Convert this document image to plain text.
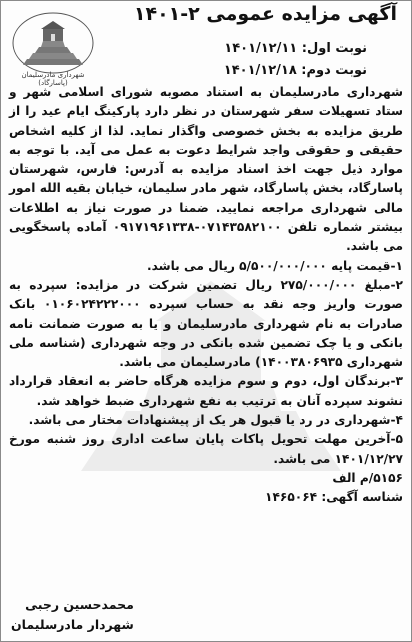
شهرداری مادرسلیمان (پاسارگاد)
آگهی مزایده عمومی ۲-۱۴۰۱
نوبت اول: ۱۴۰۱/۱۲/۱۱
نوبت دوم: ۱۴۰۱/۱۲/۱۸

شهرداری مادرسلیمان به استناد مصوبه شورای اسلامی شهر و ستاد تسهیلات سفر شهرستان در نظر دارد پارکینگ ایام عید را از طریق مزایده به بخش خصوصی واگذار نماید. لذا از کلیه اشخاص حقیقی و حقوقی واجد شرایط دعوت به عمل می آید. با توجه به موارد ذیل جهت اخذ اسناد مزایده به آدرس: فارس، شهرستان پاسارگاد، بخش پاسارگاد، شهر مادر سلیمان، خیابان بقیه الله امور مالی شهرداری مراجعه نمایید. ضمنا در صورت نیاز به اطلاعات بیشتر شماره تلفن ۰۷۱۴۳۵۸۲۱۰۰-۰۹۱۷۱۹۶۱۳۳۸ آماده پاسخگویی می باشد.

۱-قیمت پایه ۵/۵۰۰/۰۰۰/۰۰۰ ریال می باشد.

۲-مبلغ ۲۷۵/۰۰۰/۰۰۰ ریال تضمین شرکت در مزایده: سپرده به صورت واریز وجه نقد به حساب سپرده ۰۱۰۶۰۲۴۲۲۲۰۰۰ بانک صادرات به نام شهرداری مادرسلیمان و یا به صورت ضمانت نامه بانکی و یا چک تضمین شده بانکی در وجه شهرداری (شناسه ملی شهرداری ۱۴۰۰۳۸۰۶۹۳۵) مادرسلیمان می باشد.

۳-برندگان اول، دوم و سوم مزایده هرگاه حاضر به انعقاد قرارداد نشوند سپرده آنان به ترتیب به نفع شهرداری ضبط خواهد شد.

۴-شهرداری در رد یا قبول هر یک از پیشنهادات مختار می باشد.

۵-آخرین مهلت تحویل پاکات پایان ساعت اداری روز شنبه مورخ ۱۴۰۱/۱۲/۲۷ می باشد.

۵۱۵۶/م الف

شناسه آگهی: ۱۴۶۵۰۶۴

محمدحسین رجبی
شهردار مادرسلیمان
